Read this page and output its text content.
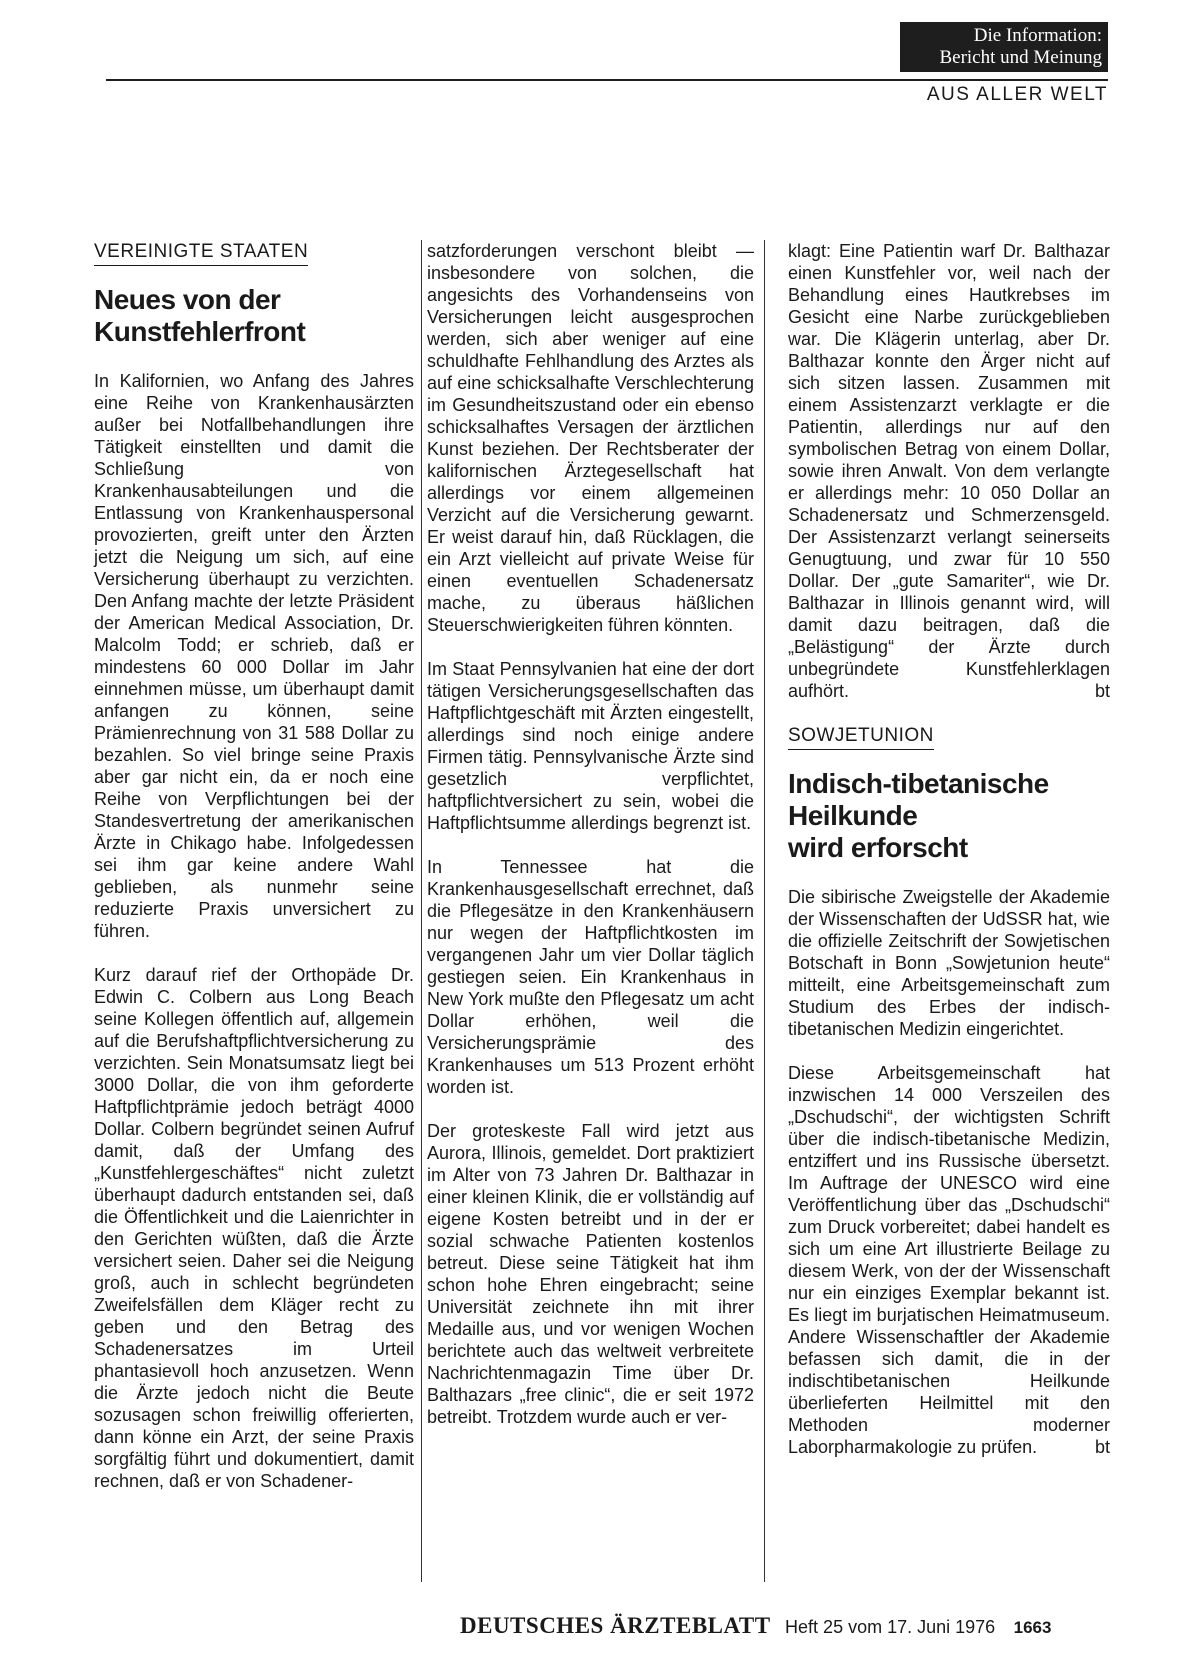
Die Information:
Bericht und Meinung
AUS ALLER WELT
VEREINIGTE STAATEN
Neues von der
Kunstfehlerfront

In Kalifornien, wo Anfang des Jahres eine Reihe von Krankenhausärzten außer bei Notfallbehandlungen ihre Tätigkeit einstellten und damit die Schließung von Krankenhausabteilungen und die Entlassung von Krankenhauspersonal provozierten, greift unter den Ärzten jetzt die Neigung um sich, auf eine Versicherung überhaupt zu verzichten. Den Anfang machte der letzte Präsident der American Medical Association, Dr. Malcolm Todd; er schrieb, daß er mindestens 60 000 Dollar im Jahr einnehmen müsse, um überhaupt damit anfangen zu können, seine Prämienrechnung von 31 588 Dollar zu bezahlen. So viel bringe seine Praxis aber gar nicht ein, da er noch eine Reihe von Verpflichtungen bei der Standesvertretung der amerikanischen Ärzte in Chikago habe. Infolgedessen sei ihm gar keine andere Wahl geblieben, als nunmehr seine reduzierte Praxis unversichert zu führen.

Kurz darauf rief der Orthopäde Dr. Edwin C. Colbern aus Long Beach seine Kollegen öffentlich auf, allgemein auf die Berufshaftpflichtversicherung zu verzichten. Sein Monatsumsatz liegt bei 3000 Dollar, die von ihm geforderte Haftpflichtprämie jedoch beträgt 4000 Dollar. Colbern begründet seinen Aufruf damit, daß der Umfang des „Kunstfehlergeschäftes“ nicht zuletzt überhaupt dadurch entstanden sei, daß die Öffentlichkeit und die Laienrichter in den Gerichten wüßten, daß die Ärzte versichert seien. Daher sei die Neigung groß, auch in schlecht begründeten Zweifelsfällen dem Kläger recht zu geben und den Betrag des Schadenersatzes im Urteil phantasievoll hoch anzusetzen. Wenn die Ärzte jedoch nicht die Beute sozusagen schon freiwillig offerierten, dann könne ein Arzt, der seine Praxis sorgfältig führt und dokumentiert, damit rechnen, daß er von Schadener-

satzforderungen verschont bleibt — insbesondere von solchen, die angesichts des Vorhandenseins von Versicherungen leicht ausgesprochen werden, sich aber weniger auf eine schuldhafte Fehlhandlung des Arztes als auf eine schicksalhafte Verschlechterung im Gesundheitszustand oder ein ebenso schicksalhaftes Versagen der ärztlichen Kunst beziehen. Der Rechtsberater der kalifornischen Ärztegesellschaft hat allerdings vor einem allgemeinen Verzicht auf die Versicherung gewarnt. Er weist darauf hin, daß Rücklagen, die ein Arzt vielleicht auf private Weise für einen eventuellen Schadenersatz mache, zu überaus häßlichen Steuerschwierigkeiten führen könnten.

Im Staat Pennsylvanien hat eine der dort tätigen Versicherungsgesellschaften das Haftpflichtgeschäft mit Ärzten eingestellt, allerdings sind noch einige andere Firmen tätig. Pennsylvanische Ärzte sind gesetzlich verpflichtet, haftpflichtversichert zu sein, wobei die Haftpflichtsumme allerdings begrenzt ist.

In Tennessee hat die Krankenhausgesellschaft errechnet, daß die Pflegesätze in den Krankenhäusern nur wegen der Haftpflichtkosten im vergangenen Jahr um vier Dollar täglich gestiegen seien. Ein Krankenhaus in New York mußte den Pflegesatz um acht Dollar erhöhen, weil die Versicherungsprämie des Krankenhauses um 513 Prozent erhöht worden ist.

Der groteskeste Fall wird jetzt aus Aurora, Illinois, gemeldet. Dort praktiziert im Alter von 73 Jahren Dr. Balthazar in einer kleinen Klinik, die er vollständig auf eigene Kosten betreibt und in der er sozial schwache Patienten kostenlos betreut. Diese seine Tätigkeit hat ihm schon hohe Ehren eingebracht; seine Universität zeichnete ihn mit ihrer Medaille aus, und vor wenigen Wochen berichtete auch das weltweit verbreitete Nachrichtenmagazin Time über Dr. Balthazars „free clinic“, die er seit 1972 betreibt. Trotzdem wurde auch er ver-

klagt: Eine Patientin warf Dr. Balthazar einen Kunstfehler vor, weil nach der Behandlung eines Hautkrebses im Gesicht eine Narbe zurückgeblieben war. Die Klägerin unterlag, aber Dr. Balthazar konnte den Ärger nicht auf sich sitzen lassen. Zusammen mit einem Assistenzarzt verklagte er die Patientin, allerdings nur auf den symbolischen Betrag von einem Dollar, sowie ihren Anwalt. Von dem verlangte er allerdings mehr: 10 050 Dollar an Schadenersatz und Schmerzensgeld. Der Assistenzarzt verlangt seinerseits Genugtuung, und zwar für 10 550 Dollar. Der „gute Samariter“, wie Dr. Balthazar in Illinois genannt wird, will damit dazu beitragen, daß die „Belästigung“ der Ärzte durch unbegründete Kunstfehlerklagen aufhört.	bt

SOWJETUNION
Indisch-tibetanische
Heilkunde
wird erforscht

Die sibirische Zweigstelle der Akademie der Wissenschaften der UdSSR hat, wie die offizielle Zeitschrift der Sowjetischen Botschaft in Bonn „Sowjetunion heute“ mitteilt, eine Arbeitsgemeinschaft zum Studium des Erbes der indisch-tibetanischen Medizin eingerichtet.

Diese Arbeitsgemeinschaft hat inzwischen 14 000 Verszeilen des „Dschudschi“, der wichtigsten Schrift über die indisch-tibetanische Medizin, entziffert und ins Russische übersetzt. Im Auftrage der UNESCO wird eine Veröffentlichung über das „Dschudschi“ zum Druck vorbereitet; dabei handelt es sich um eine Art illustrierte Beilage zu diesem Werk, von der der Wissenschaft nur ein einziges Exemplar bekannt ist. Es liegt im burjatischen Heimatmuseum. Andere Wissenschaftler der Akademie befassen sich damit, die in der indischtibetanischen Heilkunde überlieferten Heilmittel mit den Methoden moderner Laborpharmakologie zu prüfen.	bt

DEUTSCHES ÄRZTEBLATT Heft 25 vom 17. Juni 1976 1663
